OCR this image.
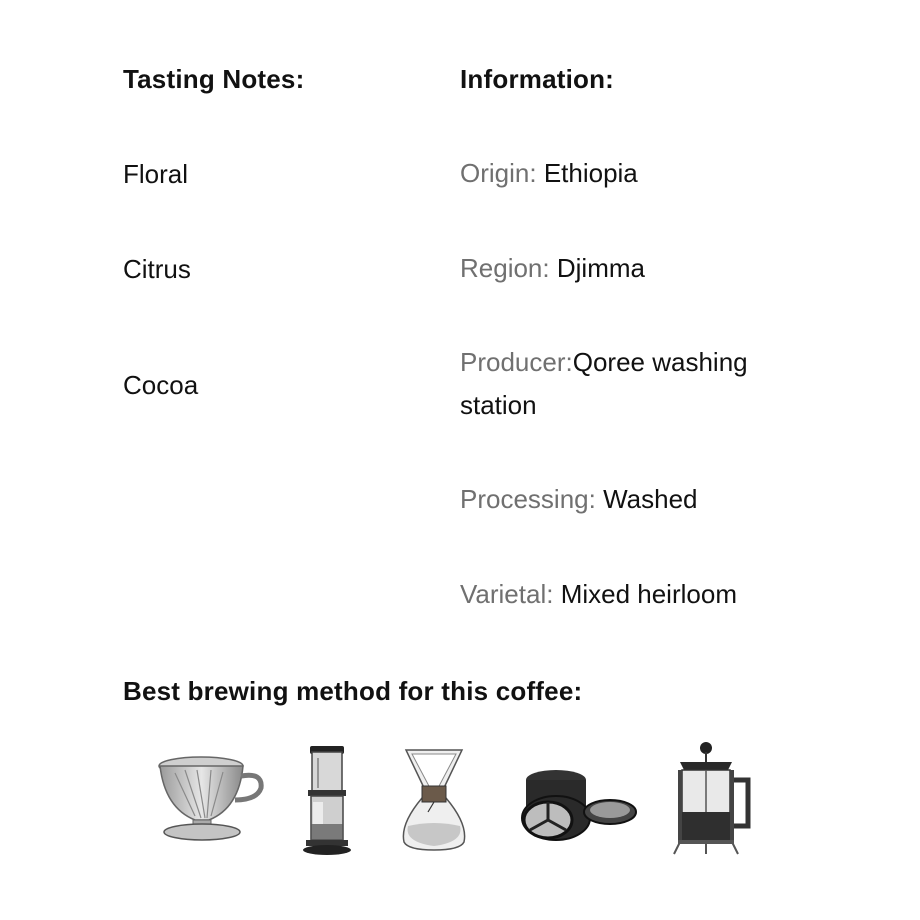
Tasting Notes:	Information:
Floral
Citrus
Cocoa
Origin: Ethiopia
Region: Djimma
Producer:Qoree washing station
Processing: Washed
Varietal: Mixed heirloom
Best brewing method for this coffee:
